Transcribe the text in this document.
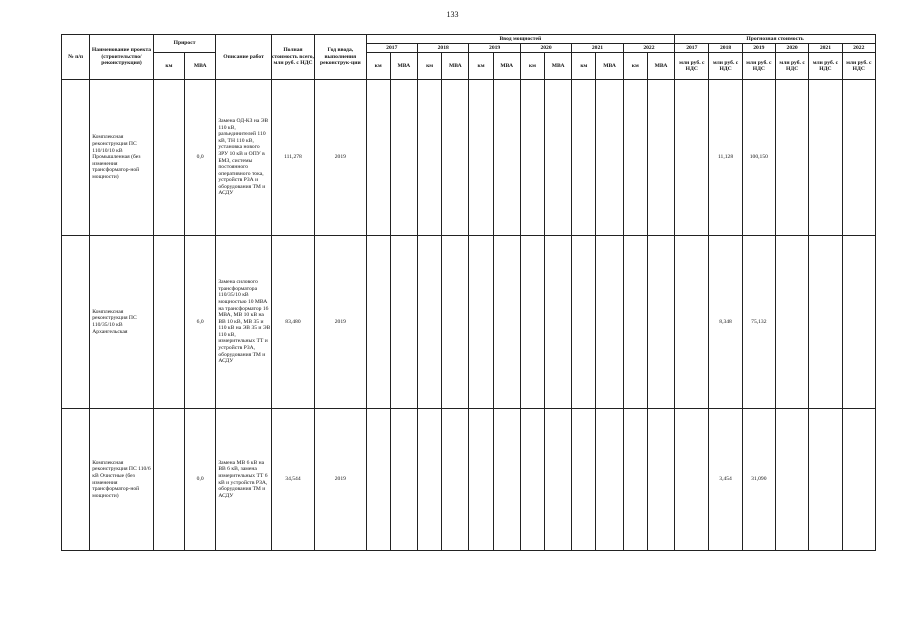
133
№ п/п	Наименование проекта (строительство/ реконструкция)	Прирост		Описание работ	Полная стоимость всего, млн руб. с НДС	Год ввода, выполнения реконструк-ции	Ввод мощностей												Прогнозная стоимость					
							2017		2018		2019		2020		2021		2022		2017	2018	2019	2020	2021	2022
		км	МВА				км	МВА	км	МВА	км	МВА	км	МВА	км	МВА	км	МВА	млн руб. с НДС	млн руб. с НДС	млн руб. с НДС	млн руб. с НДС	млн руб. с НДС	млн руб. с НДС
	Комплексная реконструкция ПС 110/10/10 кВ Промышленная (без изменения трансформатор-ной мощности)		0,0	Замена ОД-КЗ на ЭВ 110 кВ, разъединителей 110 кВ, ТН 110 кВ, установка нового ЗРУ 10 кВ и ОПУ в БМЗ, системы постоянного оперативного тока, устройств РЗА и оборудования ТМ и АСДУ	111,278	2019														11,128	100,150			
	Комплексная реконструкция ПС 110/35/10 кВ Архангельская		6,0	Замена силового трансформатора 110/35/10 кВ мощностью 10 МВА на трансформатор 16 МВА, МВ 10 кВ на ВВ 10 кВ, МВ 35 и 110 кВ на ЭВ 35 и ЭВ 110 кВ, измерительных ТТ и устройств РЗА, оборудования ТМ и АСДУ	83,480	2019														8,348	75,132			
	Комплексная реконструкция ПС 110/6 кВ Очистные (без изменения трансформатор-ной мощности)		0,0	Замена МВ 6 кВ на ВВ 6 кВ, замена измерительных ТТ 6 кВ и устройств РЗА, оборудования ТМ и АСДУ	34,544	2019														3,454	31,090			
